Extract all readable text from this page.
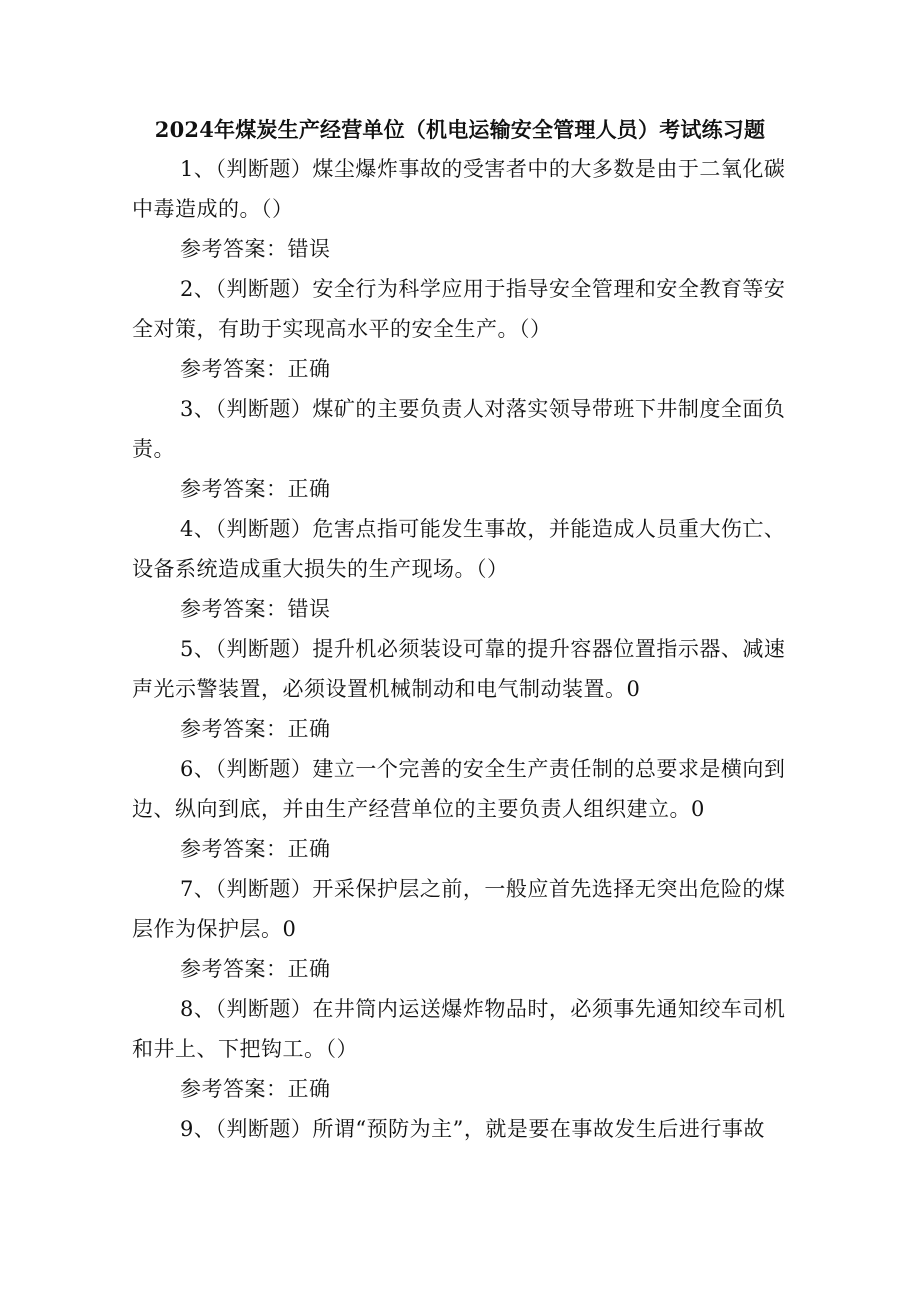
2024年煤炭生产经营单位（机电运输安全管理人员）考试练习题
1、（判断题）煤尘爆炸事故的受害者中的大多数是由于二氧化碳
中毒造成的。（）
参考答案：错误
2、（判断题）安全行为科学应用于指导安全管理和安全教育等安
全对策，有助于实现高水平的安全生产。（）
参考答案：正确
3、（判断题）煤矿的主要负责人对落实领导带班下井制度全面负
责。
参考答案：正确
4、（判断题）危害点指可能发生事故，并能造成人员重大伤亡、
设备系统造成重大损失的生产现场。（）
参考答案：错误
5、（判断题）提升机必须装设可靠的提升容器位置指示器、减速
声光示警装置，必须设置机械制动和电气制动装置。0
参考答案：正确
6、（判断题）建立一个完善的安全生产责任制的总要求是横向到
边、纵向到底，并由生产经营单位的主要负责人组织建立。0
参考答案：正确
7、（判断题）开采保护层之前，一般应首先选择无突出危险的煤
层作为保护层。0
参考答案：正确
8、（判断题）在井筒内运送爆炸物品时，必须事先通知绞车司机
和井上、下把钩工。（）
参考答案：正确
9、（判断题）所谓“预防为主”，就是要在事故发生后进行事故
